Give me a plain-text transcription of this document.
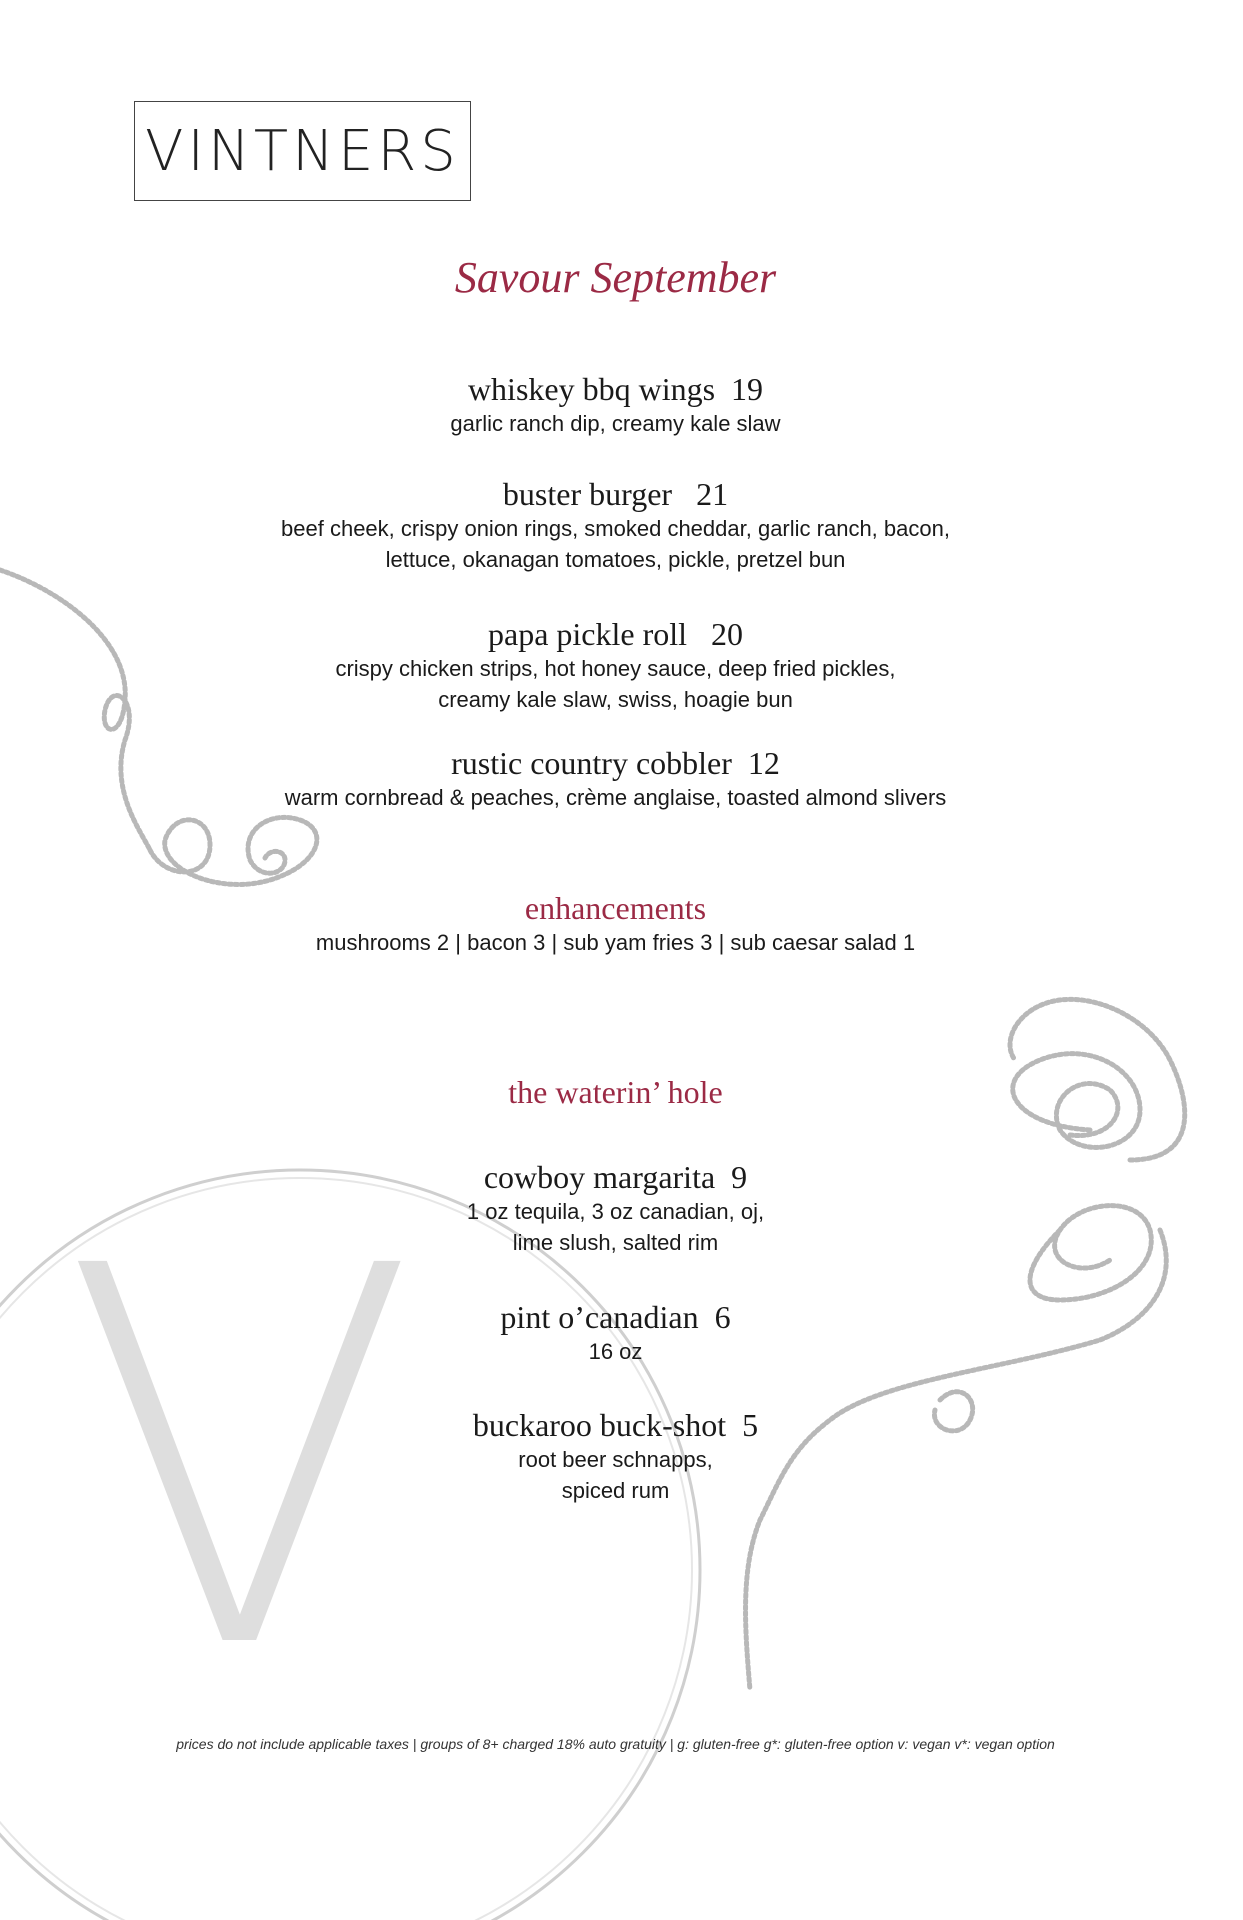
V
VINTNERS
Savour September
whiskey bbq wings  19
garlic ranch dip, creamy kale slaw
buster burger   21
beef cheek, crispy onion rings, smoked cheddar, garlic ranch, bacon,
lettuce, okanagan tomatoes, pickle, pretzel bun
papa pickle roll   20
crispy chicken strips, hot honey sauce, deep fried pickles,
creamy kale slaw, swiss, hoagie bun
rustic country cobbler  12
warm cornbread & peaches, crème anglaise, toasted almond slivers
enhancements
mushrooms 2 | bacon 3 | sub yam fries 3 | sub caesar salad 1
the waterin’ hole
cowboy margarita  9
1 oz tequila, 3 oz canadian, oj,
lime slush, salted rim
pint o’canadian  6
16 oz
buckaroo buck-shot  5
root beer schnapps,
spiced rum
prices do not include applicable taxes | groups of 8+ charged 18% auto gratuity | g: gluten-free g*: gluten-free option v: vegan v*: vegan option
